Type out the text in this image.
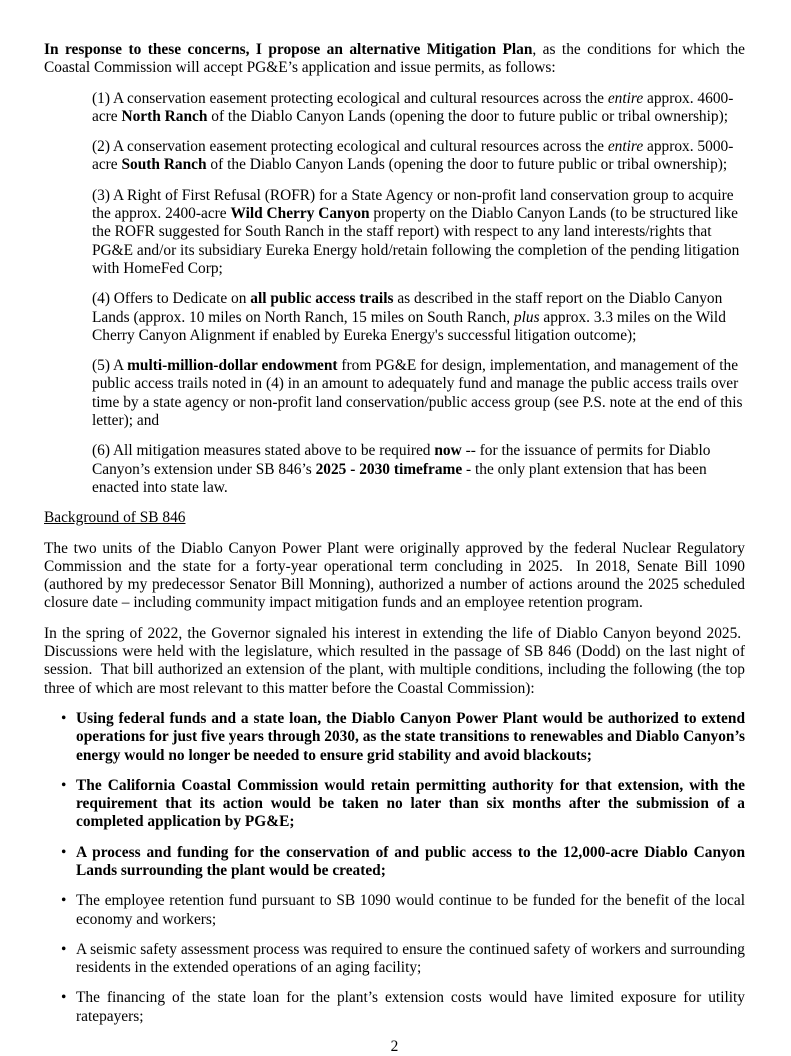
In response to these concerns, I propose an alternative Mitigation Plan, as the conditions for which the Coastal Commission will accept PG&E’s application and issue permits, as follows:
(1) A conservation easement protecting ecological and cultural resources across the entire approx. 4600-acre North Ranch of the Diablo Canyon Lands (opening the door to future public or tribal ownership);
(2) A conservation easement protecting ecological and cultural resources across the entire approx. 5000-acre South Ranch of the Diablo Canyon Lands (opening the door to future public or tribal ownership);
(3) A Right of First Refusal (ROFR) for a State Agency or non-profit land conservation group to acquire the approx. 2400-acre Wild Cherry Canyon property on the Diablo Canyon Lands (to be structured like the ROFR suggested for South Ranch in the staff report) with respect to any land interests/rights that PG&E and/or its subsidiary Eureka Energy hold/retain following the completion of the pending litigation with HomeFed Corp;
(4) Offers to Dedicate on all public access trails as described in the staff report on the Diablo Canyon Lands (approx. 10 miles on North Ranch, 15 miles on South Ranch, plus approx. 3.3 miles on the Wild Cherry Canyon Alignment if enabled by Eureka Energy's successful litigation outcome);
(5) A multi-million-dollar endowment from PG&E for design, implementation, and management of the public access trails noted in (4) in an amount to adequately fund and manage the public access trails over time by a state agency or non-profit land conservation/public access group (see P.S. note at the end of this letter); and
(6) All mitigation measures stated above to be required now -- for the issuance of permits for Diablo Canyon’s extension under SB 846’s 2025 - 2030 timeframe - the only plant extension that has been enacted into state law.
Background of SB 846
The two units of the Diablo Canyon Power Plant were originally approved by the federal Nuclear Regulatory Commission and the state for a forty-year operational term concluding in 2025.  In 2018, Senate Bill 1090 (authored by my predecessor Senator Bill Monning), authorized a number of actions around the 2025 scheduled closure date – including community impact mitigation funds and an employee retention program.
In the spring of 2022, the Governor signaled his interest in extending the life of Diablo Canyon beyond 2025.  Discussions were held with the legislature, which resulted in the passage of SB 846 (Dodd) on the last night of session.  That bill authorized an extension of the plant, with multiple conditions, including the following (the top three of which are most relevant to this matter before the Coastal Commission):
• Using federal funds and a state loan, the Diablo Canyon Power Plant would be authorized to extend operations for just five years through 2030, as the state transitions to renewables and Diablo Canyon’s energy would no longer be needed to ensure grid stability and avoid blackouts;
• The California Coastal Commission would retain permitting authority for that extension, with the requirement that its action would be taken no later than six months after the submission of a completed application by PG&E;
• A process and funding for the conservation of and public access to the 12,000-acre Diablo Canyon Lands surrounding the plant would be created;
• The employee retention fund pursuant to SB 1090 would continue to be funded for the benefit of the local economy and workers;
• A seismic safety assessment process was required to ensure the continued safety of workers and surrounding residents in the extended operations of an aging facility;
• The financing of the state loan for the plant’s extension costs would have limited exposure for utility ratepayers;
2
